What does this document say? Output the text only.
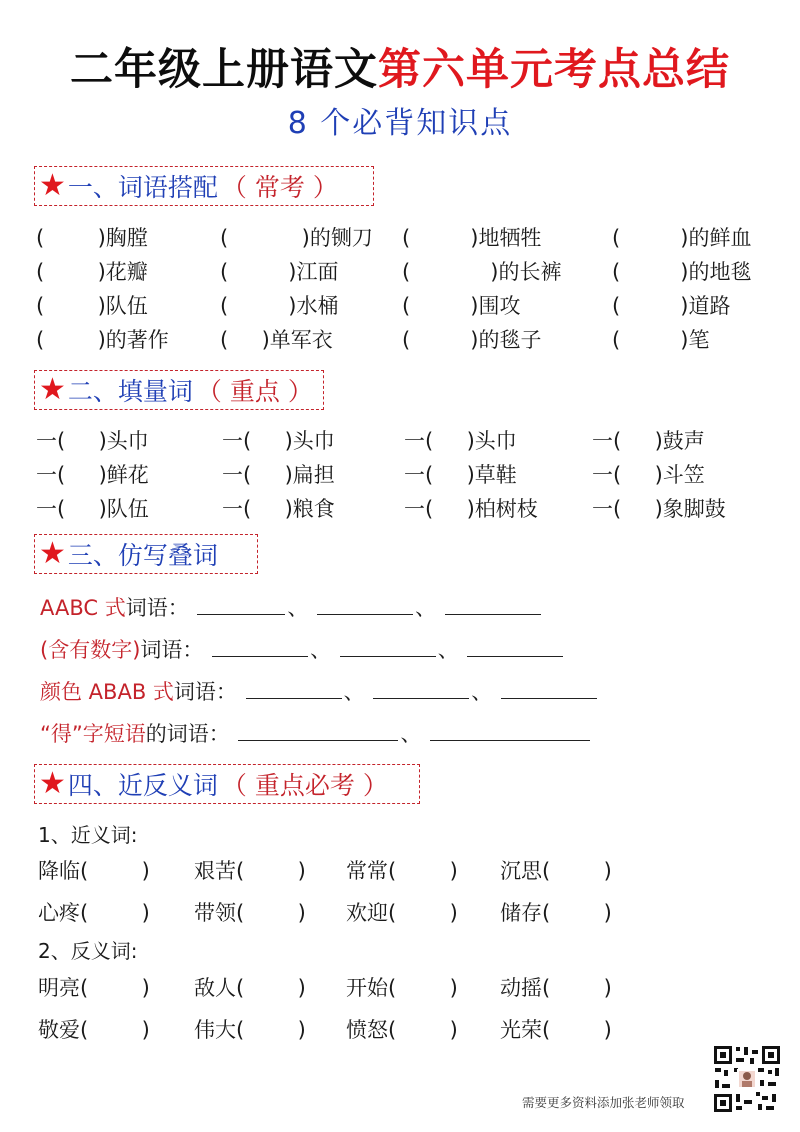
二年级上册语文第六单元考点总结
8 个必背知识点
★ 一、词语搭配 （ 常考 ）
(        )胸膛	(           )的铡刀 (         )地牺牲	(         )的鲜血
(        )花瓣	(         )江面	(            )的长裤 (         )的地毯
(        )队伍	(         )水桶	(         )围攻	(         )道路
(        )的著作 (     )单军衣	(         )的毯子	(         )笔
★ 二、填量词 （ 重点 ）
一(     )头巾	一(     )头巾	一(     )头巾	一(     )鼓声
一(     )鲜花	一(     )扁担	一(     )草鞋	一(     )斗笠
一(     )队伍	一(     )粮食	一(     )柏树枝	一(     )象脚鼓
★ 三、仿写叠词
AABC 式词语：	、	、
(含有数字)词语：	、	、
颜色 ABAB 式词语：	、	、
“得”字短语的词语：	、
★ 四、近反义词 （ 重点必考 ）
1、近义词:
降临(        ) 艰苦(        ) 常常(        ) 沉思(        )
心疼(        ) 带领(        ) 欢迎(        ) 储存(        )
2、反义词:
明亮(        ) 敌人(        ) 开始(        ) 动摇(        )
敬爱(        ) 伟大(        ) 愤怒(        ) 光荣(        )
需要更多资料添加张老师领取
